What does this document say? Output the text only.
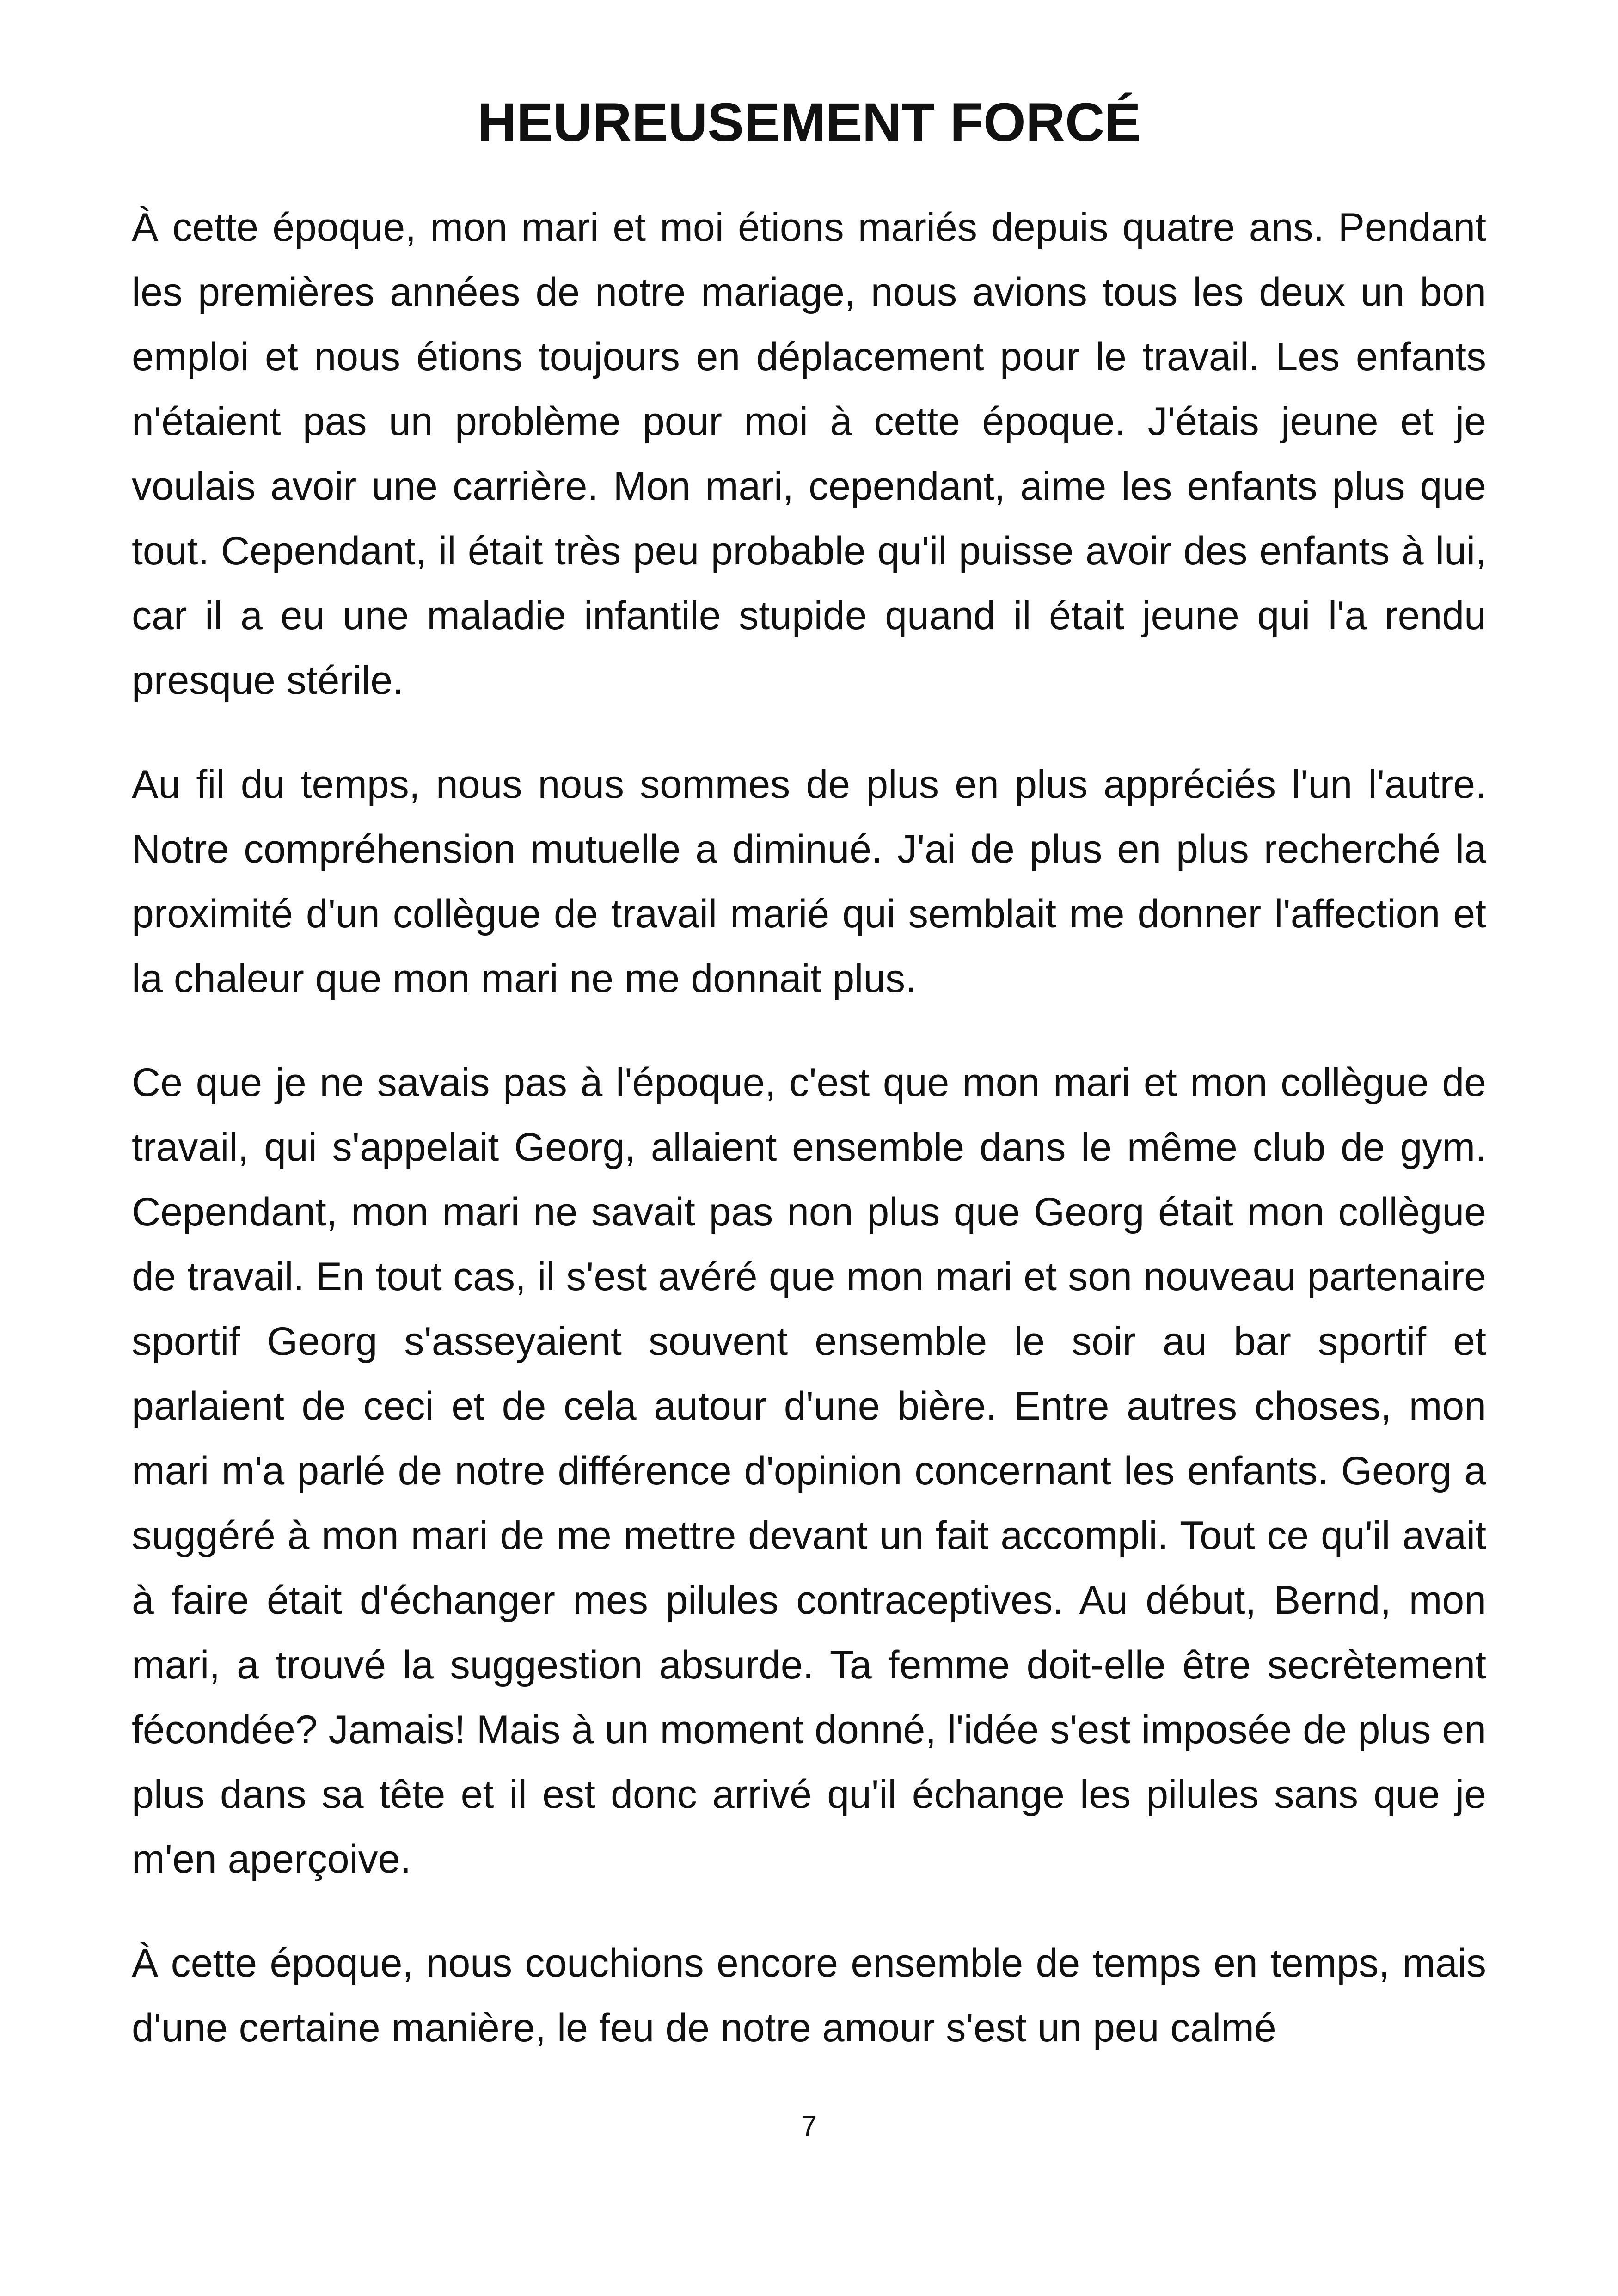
HEUREUSEMENT FORCÉ

À cette époque, mon mari et moi étions mariés depuis quatre ans. Pendant les premières années de notre mariage, nous avions tous les deux un bon emploi et nous étions toujours en déplacement pour le travail. Les enfants n'étaient pas un problème pour moi à cette époque. J'étais jeune et je voulais avoir une carrière. Mon mari, cependant, aime les enfants plus que tout. Cependant, il était très peu probable qu'il puisse avoir des enfants à lui, car il a eu une maladie infantile stupide quand il était jeune qui l'a rendu presque stérile.

Au fil du temps, nous nous sommes de plus en plus appréciés l'un l'autre. Notre compréhension mutuelle a diminué. J'ai de plus en plus recherché la proximité d'un collègue de travail marié qui semblait me donner l'affection et la chaleur que mon mari ne me donnait plus.

Ce que je ne savais pas à l'époque, c'est que mon mari et mon collègue de travail, qui s'appelait Georg, allaient ensemble dans le même club de gym. Cependant, mon mari ne savait pas non plus que Georg était mon collègue de travail. En tout cas, il s'est avéré que mon mari et son nouveau partenaire sportif Georg s'asseyaient souvent ensemble le soir au bar sportif et parlaient de ceci et de cela autour d'une bière. Entre autres choses, mon mari m'a parlé de notre différence d'opinion concernant les enfants. Georg a suggéré à mon mari de me mettre devant un fait accompli. Tout ce qu'il avait à faire était d'échanger mes pilules contraceptives. Au début, Bernd, mon mari, a trouvé la suggestion absurde. Ta femme doit-elle être secrètement fécondée? Jamais! Mais à un moment donné, l'idée s'est imposée de plus en plus dans sa tête et il est donc arrivé qu'il échange les pilules sans que je m'en aperçoive.

À cette époque, nous couchions encore ensemble de temps en temps, mais d'une certaine manière, le feu de notre amour s'est un peu calmé

7
